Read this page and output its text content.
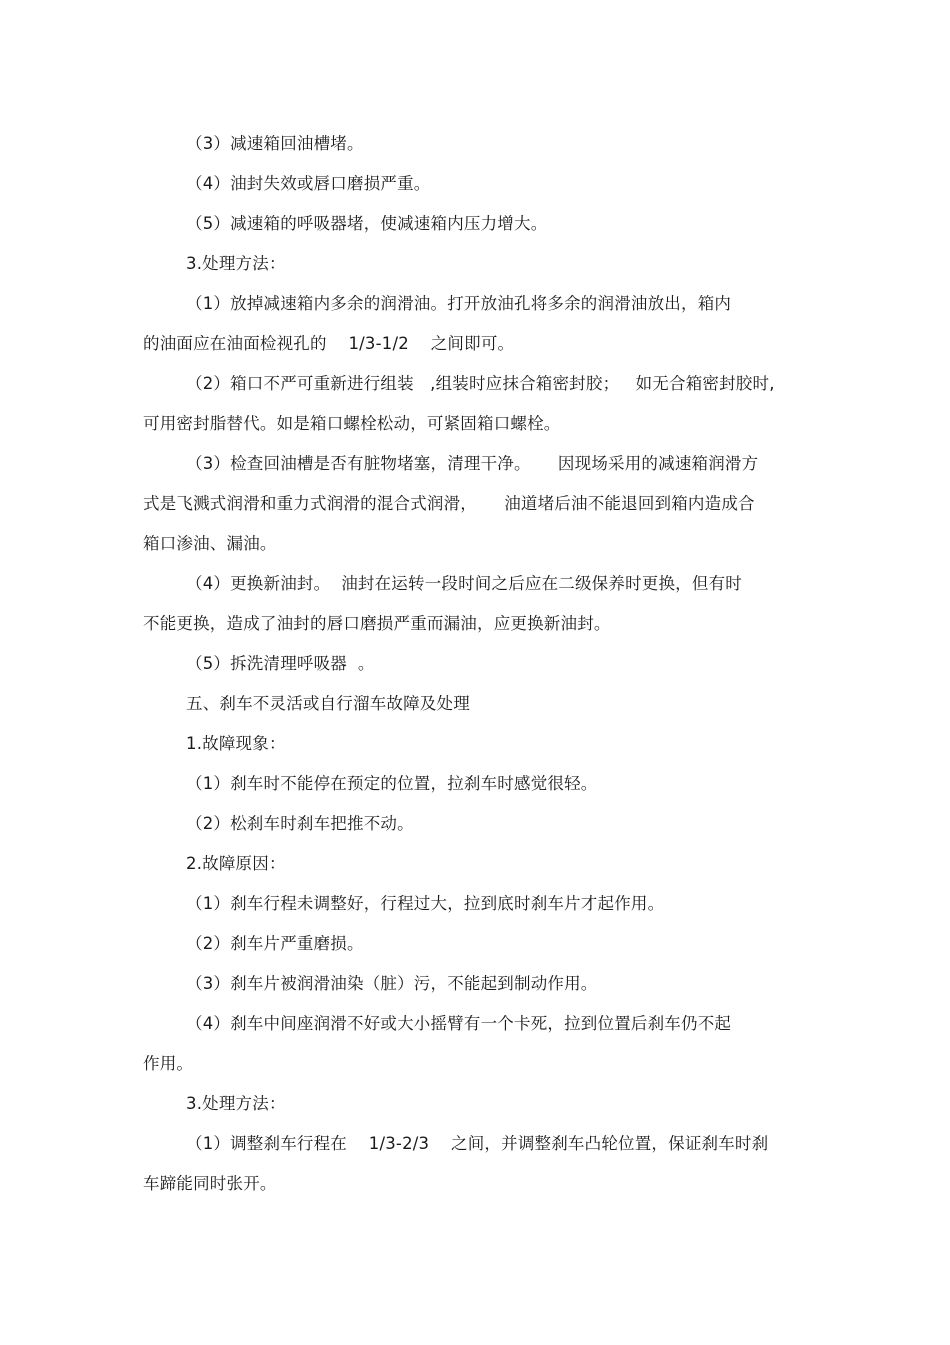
（3）减速箱回油槽堵。
（4）油封失效或唇口磨损严重。
（5）减速箱的呼吸器堵，使减速箱内压力增大。
3.处理方法：
（1）放掉减速箱内多余的润滑油。打开放油孔将多余的润滑油放出，箱内
的油面应在油面检视孔的    1/3-1/2    之间即可。
（2）箱口不严可重新进行组装   ,组装时应抹合箱密封胶；   如无合箱密封胶时,
可用密封脂替代。如是箱口螺栓松动，可紧固箱口螺栓。
（3）检查回油槽是否有脏物堵塞，清理干净。     因现场采用的减速箱润滑方
式是飞溅式润滑和重力式润滑的混合式润滑，     油道堵后油不能退回到箱内造成合
箱口渗油、漏油。
（4）更换新油封。  油封在运转一段时间之后应在二级保养时更换，但有时
不能更换，造成了油封的唇口磨损严重而漏油，应更换新油封。
（5）拆洗清理呼吸器  。
五、刹车不灵活或自行溜车故障及处理
1.故障现象：
（1）刹车时不能停在预定的位置，拉刹车时感觉很轻。
（2）松刹车时刹车把推不动。
2.故障原因：
（1）刹车行程未调整好，行程过大，拉到底时刹车片才起作用。
（2）刹车片严重磨损。
（3）刹车片被润滑油染（脏）污，不能起到制动作用。
（4）刹车中间座润滑不好或大小摇臂有一个卡死，拉到位置后刹车仍不起
作用。
3.处理方法：
（1）调整刹车行程在    1/3-2/3    之间，并调整刹车凸轮位置，保证刹车时刹
车蹄能同时张开。
